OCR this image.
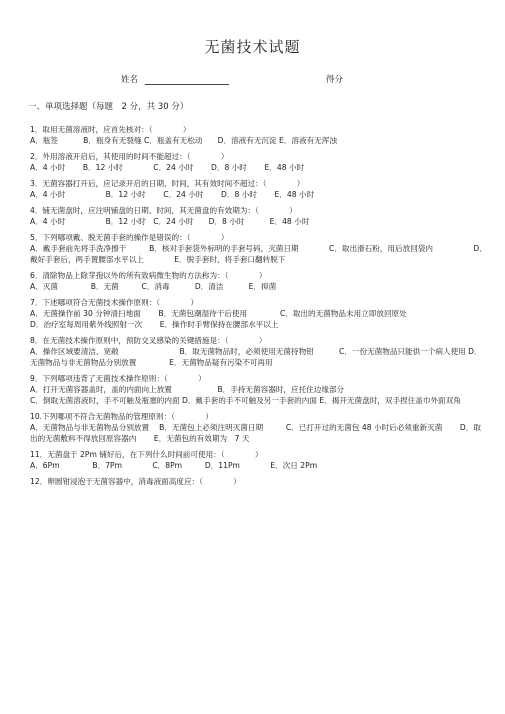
无菌技术试题
姓名	得分
一、单项选择题（每题　2 分，共 30 分）
1．取用无菌溶液时，应首先核对：（　　　　）
A．瓶签　　　 B．瓶身有无裂缝 C．瓶盖有无松动　　D．溶液有无沉淀 E．溶液有无浑浊
2．外用溶液开启后，其使用的时间不能超过：（　　　　）
A．4 小时　　 B．12 小时　　　　C．24 小时　　 D．8 小时　　 E．48 小时
3．无菌容器打开后，应记录开启的日期、时间，其有效时间不超过：（　　　　）
A．4 小时　　　　　 B．12 小时　　 C．24 小时　　 D．8 小时　　 E．48 小时
4．铺无菌盘时，应注明铺盘的日期、时间，其无菌盘的有效期为：（　　　　）
A．4 小时　　　　　 B．12 小时　C．24 小时　　D．8 小时　　　 E．48 小时
5．下列哪项戴、脱无菌手套的操作是错误的：（　　　　）
A．戴手套前先将手洗净擦干　　　B．核对手套袋外标明的手套号码，灭菌日期　　　　C．取出滑石粉，用后放回袋内　　　　　 D．戴好手套后，两手置腰部水平以上　　　　E．脱手套时，将手套口翻转脱下
6．清除物品上除芽孢以外的所有致病微生物的方法称为：（　　　　）
A．灭菌　　　　 B．无菌　　　C．消毒　　　 D．清洁　　　 E．抑菌
7．下述哪项符合无菌技术操作原则：（　　　　）
A．无菌操作前 30 分钟清扫地面　　 B．无菌包潮湿待干后使用　　　　 C．取出的无菌物品未用立即放回原处
D．治疗室每周用紫外线照射一次　　 E．操作时手臂保持在腰部水平以上
8．在无菌技术操作原则中，预防交叉感染的关键措施是：（　　　　）
A．操作区域要清洁、宽敞　　　　　　　　B．取无菌物品时，必须使用无菌持物钳　　　 C．一份无菌物品只能供一个病人使用 D．无菌物品与非无菌物品分别放置　　　　 E．无菌物品疑有污染不可再用
9．下列哪项违背了无菌技术操作原则：（　　　　）
A．打开无菌容器盖时，盖的内面向上放置　　　　　　B．手持无菌容器时，应托住边缘部分
C．倒取无菌溶液时，手不可触及瓶塞的内面 D．戴手套的手不可触及另一手套的内面 E．揭开无菌盘时，双手捏住盖巾外面双角
10.下列哪项不符合无菌物品的管理原则：（　　　　）
A．无菌物品与非无菌物品分别放置　 B．无菌包上必须注明灭菌日期　　　C．已打开过的无菌包 48 小时后必须重新灭菌　　 D．取出的无菌敷料不得放回原容器内　　 E．无菌包的有效期为　7 天
11．无菌盘于 2Pm 铺好后，在下列什么时间前可使用：（　　　　）
A．6Pm　　　　 B．7Pm　　　　C．8Pm　　　D．11Pm　　　　E．次日 2Pm
12．卵圆钳浸泡于无菌容器中，消毒液面高度应：（　　　　）
